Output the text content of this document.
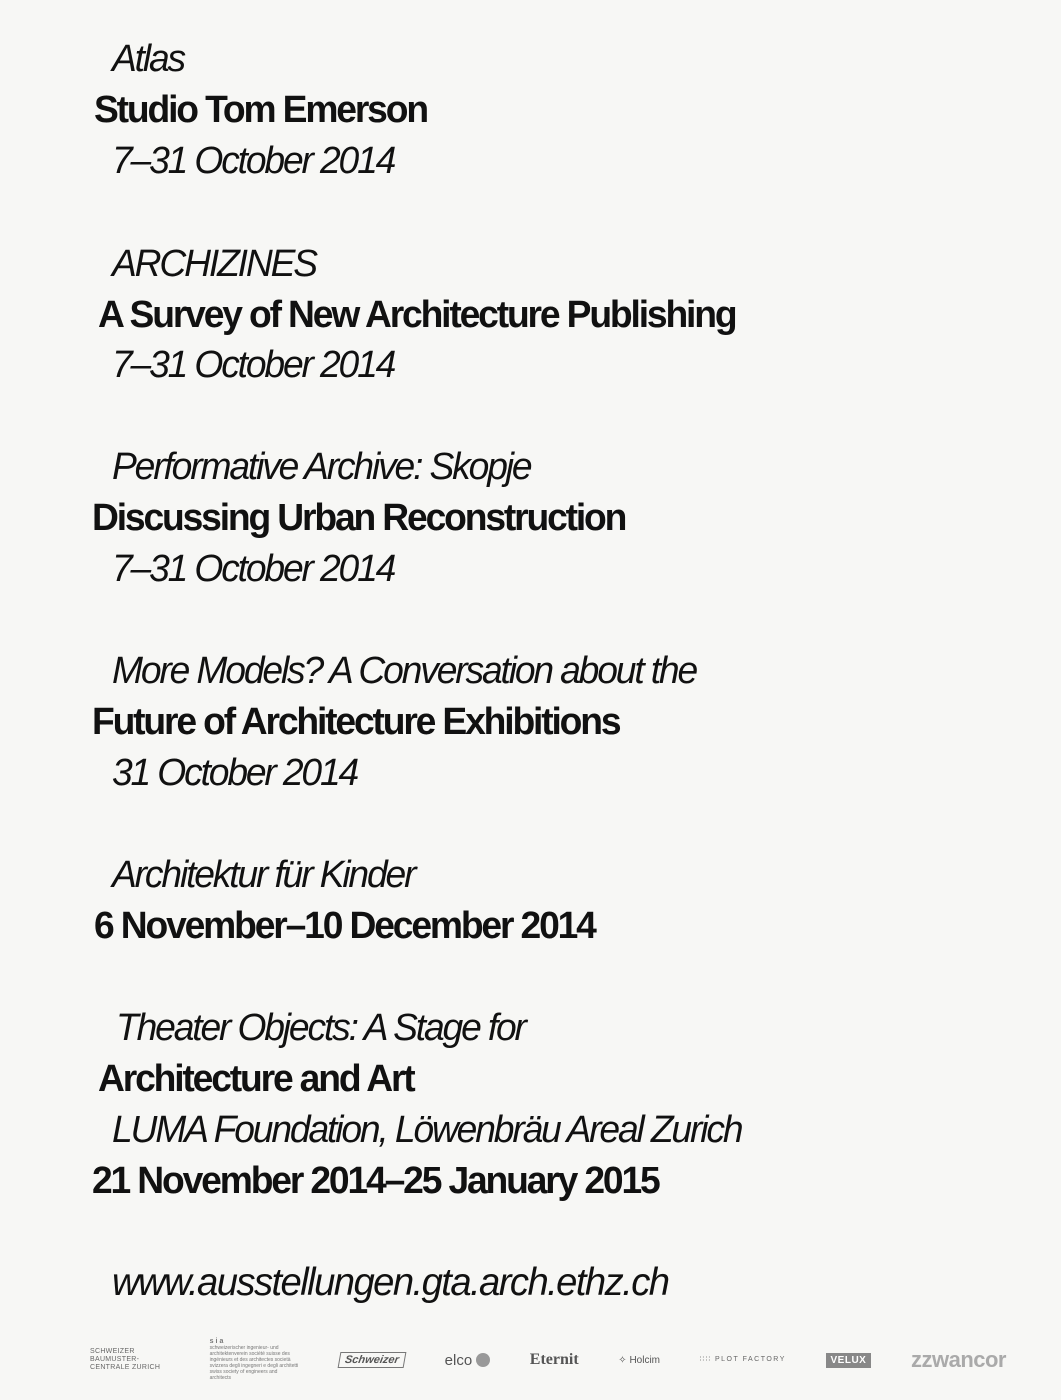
Atlas
Studio Tom Emerson
7–31 October 2014
ARCHIZINES
A Survey of New Architecture Publishing
7–31 October 2014
Performative Archive: Skopje
Discussing Urban Reconstruction
7–31 October 2014
More Models? A Conversation about the
Future of Architecture Exhibitions
31 October 2014
Architektur für Kinder
6 November–10 December 2014
Theater Objects: A Stage for
Architecture and Art
LUMA Foundation, Löwenbräu Areal Zurich
21 November 2014–25 January 2015
www.ausstellungen.gta.arch.ethz.ch
SCHWEIZER BAUMUSTER-CENTRALE ZURICH
sia
schweizerischer ingenieur- und architektenverein société suisse des ingénieurs et des architectes società svizzera degli ingegneri e degli architetti swiss society of engineers and architects
Schweizer	elco	Eternit	✧ Holcim	∷∷ PLOT FACTORY	VELUX zzwancor
